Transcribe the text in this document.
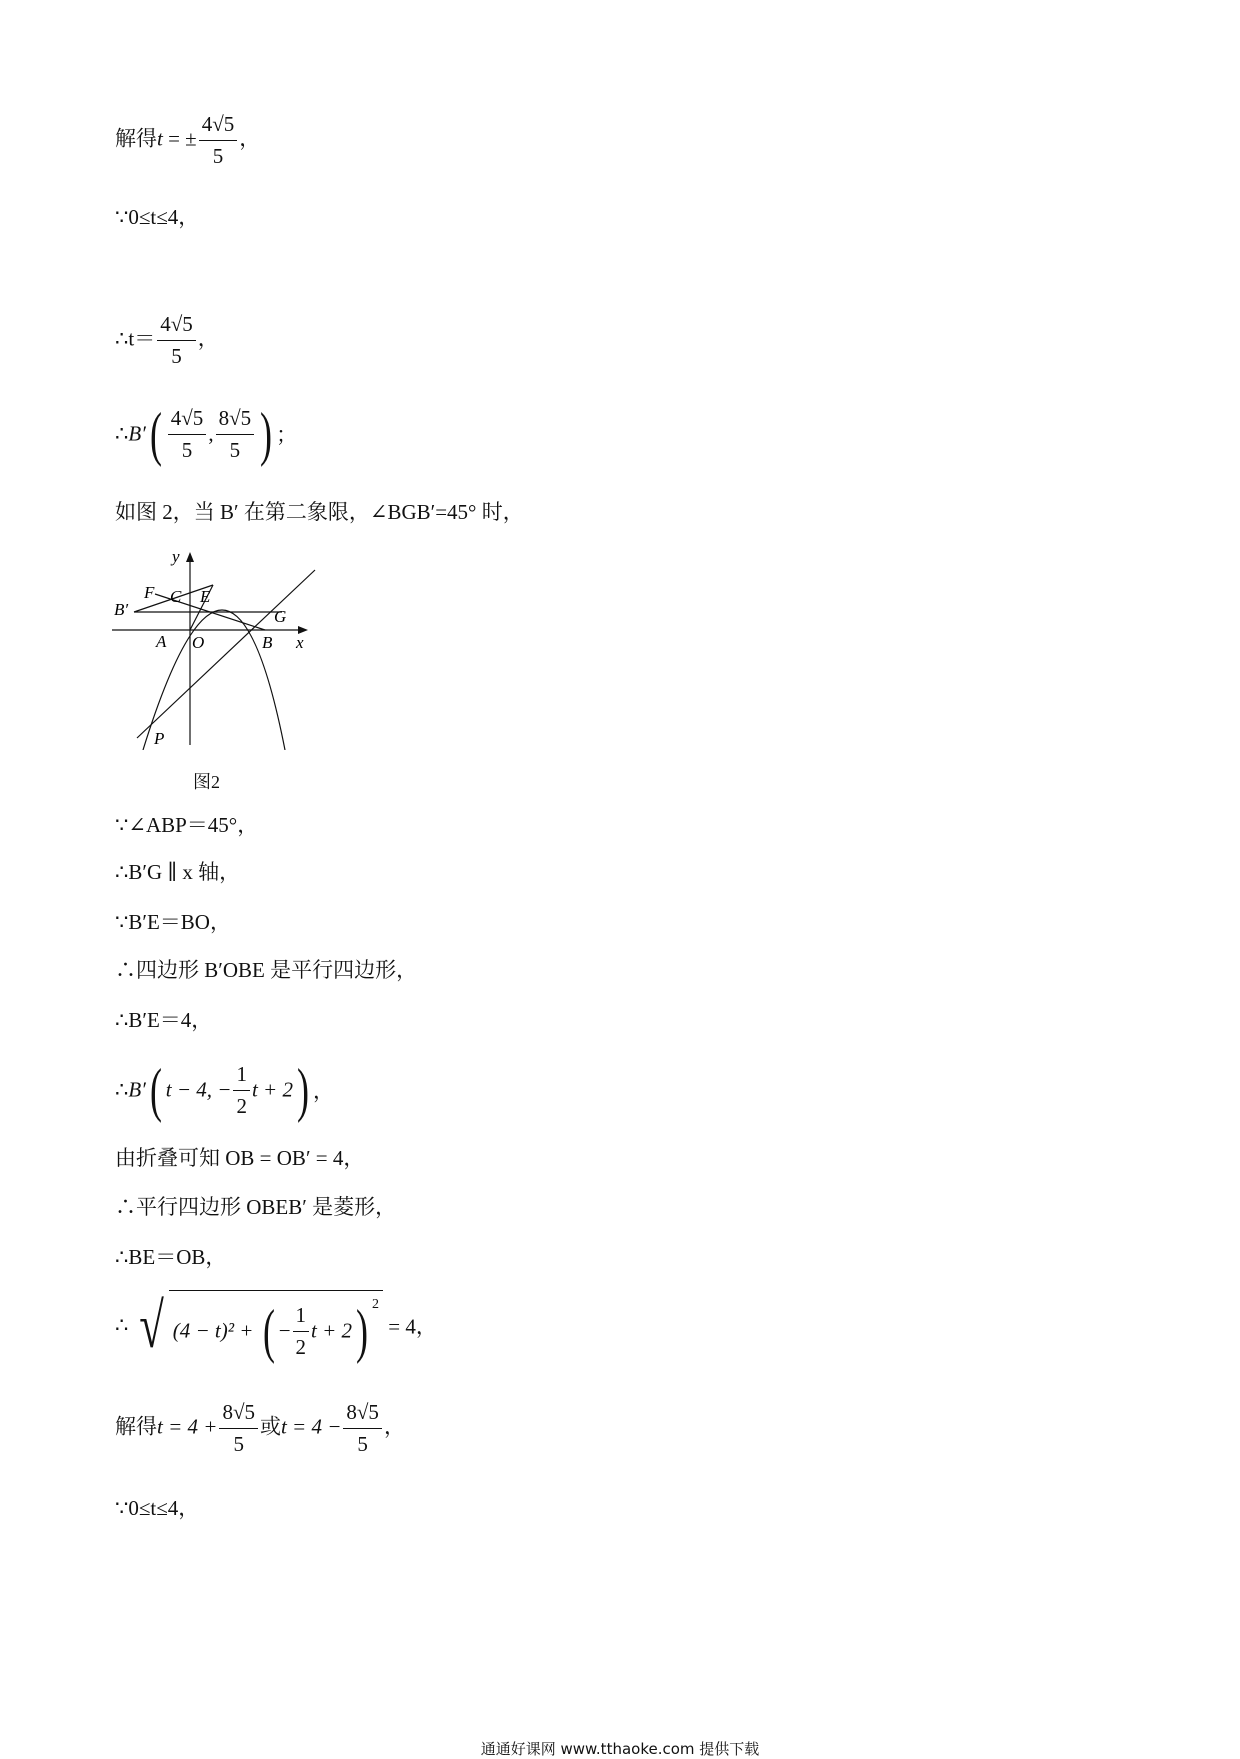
解得t = ± $\frac{4√5}{5}$ ，
∵0≤t≤4，
∴t＝ $\frac{4√5}{5}$ ，
∴B′( $\frac{4√5}{5}$ , $\frac{8√5}{5}$ ) ；
如图 2，当 B′ 在第二象限，∠BGB′=45° 时，
y
x
B′
F C E
G
A O	B
P
图2
∵∠ABP＝45°，
∴B′G ∥ x 轴，
∵B′E＝BO，
∴四边形 B′OBE 是平行四边形，
∴B′E＝4，
∴B′( t − 4, − $\frac{1}{2}$ t + 2) ，
由折叠可知 OB = OB′ = 4，
∴平行四边形 OBEB′ 是菱形，
∴BE＝OB，
∴ √ (4 − t)² + ( − $\frac{1}{2}$ t + 2) $^2$ = 4，
解得$t = 4 + \frac{8√5}{5}$ 或$t = 4 - \frac{8√5}{5}$ ，
∵0≤t≤4，
通通好课网 www.tthaoke.com 提供下载
